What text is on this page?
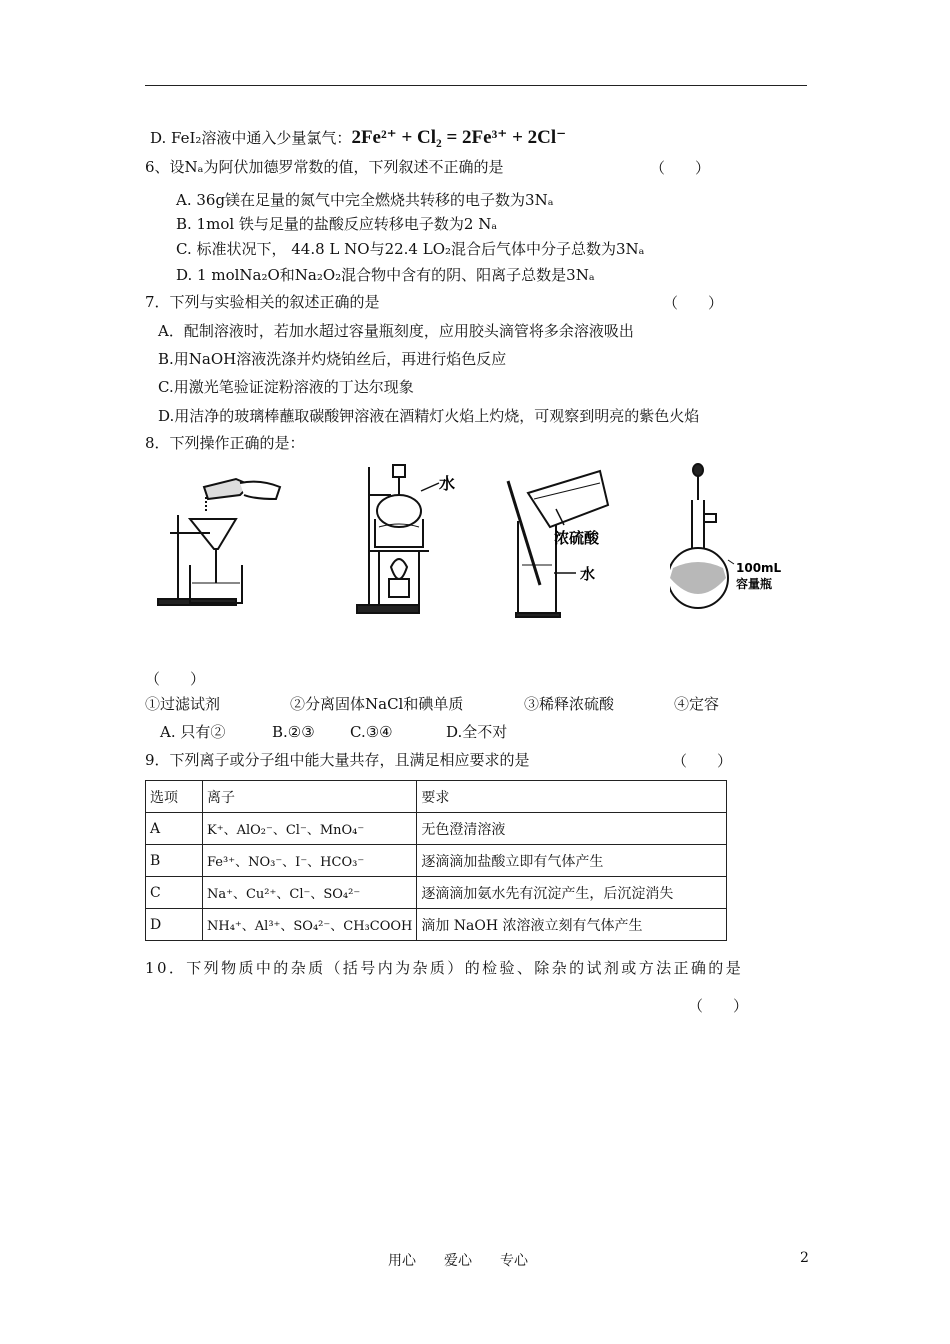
D. FeI₂溶液中通入少量氯气：2Fe²⁺ + Cl₂ = 2Fe³⁺ + 2Cl⁻
6、设Nₐ为阿伏加德罗常数的值，下列叙述不正确的是	（　　）
A. 36g镁在足量的氮气中完全燃烧共转移的电子数为3Nₐ
B. 1mol 铁与足量的盐酸反应转移电子数为2 Nₐ
C. 标准状况下， 44.8 L NO与22.4 LO₂混合后气体中分子总数为3Nₐ
D. 1 molNa₂O和Na₂O₂混合物中含有的阴、阳离子总数是3Nₐ
7．下列与实验相关的叙述正确的是	（　　）
A．配制溶液时，若加水超过容量瓶刻度，应用胶头滴管将多余溶液吸出
B.用NaOH溶液洗涤并灼烧铂丝后，再进行焰色反应
C.用激光笔验证淀粉溶液的丁达尔现象
D.用洁净的玻璃棒蘸取碳酸钾溶液在酒精灯火焰上灼烧，可观察到明亮的紫色火焰
8．下列操作正确的是：
水
浓硫酸
水	100mL
容量瓶
（　　）
①过滤试剂	②分离固体NaCl和碘单质	③稀释浓硫酸	④定容
A. 只有②	B.②③ C.③④	D.全不对
9．下列离子或分子组中能大量共存，且满足相应要求的是	（　　）
选项	离子	要求
A	K⁺、AlO₂⁻、Cl⁻、MnO₄⁻	无色澄清溶液
B	Fe³⁺、NO₃⁻、I⁻、HCO₃⁻	逐滴滴加盐酸立即有气体产生
C	Na⁺、Cu²⁺、Cl⁻、SO₄²⁻	逐滴滴加氨水先有沉淀产生，后沉淀消失
D	NH₄⁺、Al³⁺、SO₄²⁻、CH₃COOH	滴加 NaOH 浓溶液立刻有气体产生
10．下列物质中的杂质（括号内为杂质）的检验、除杂的试剂或方法正确的是
（　　）
用心　　爱心　　专心	2
